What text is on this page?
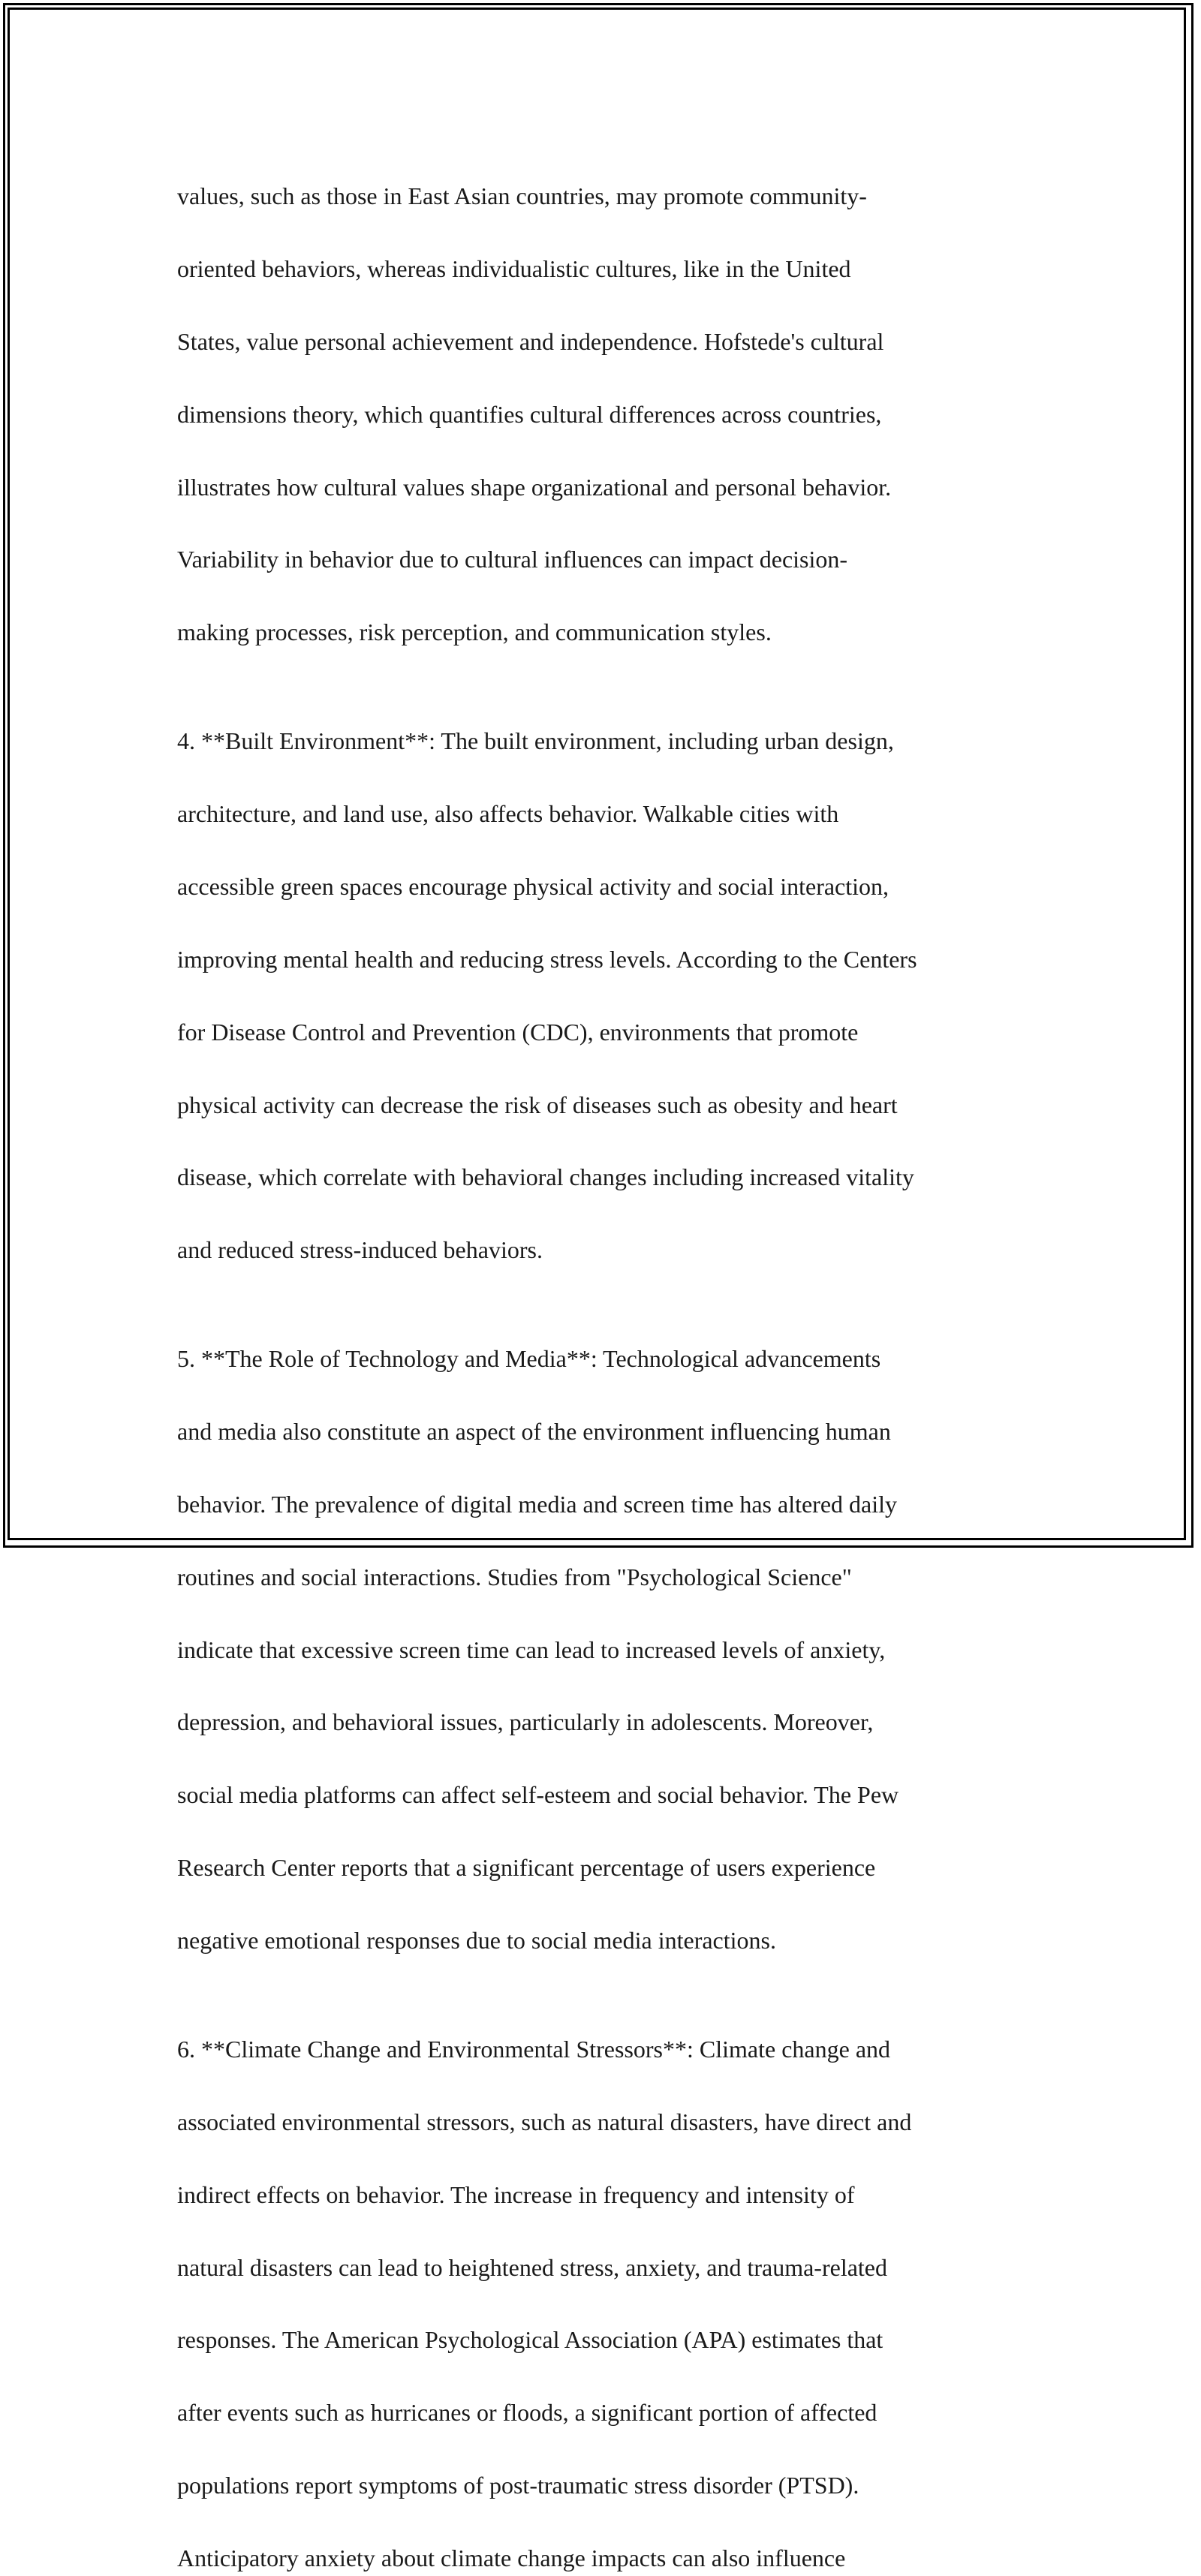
values, such as those in East Asian countries, may promote community-

oriented behaviors, whereas individualistic cultures, like in the United

States, value personal achievement and independence. Hofstede's cultural

dimensions theory, which quantifies cultural differences across countries,

illustrates how cultural values shape organizational and personal behavior.

Variability in behavior due to cultural influences can impact decision-

making processes, risk perception, and communication styles.

4. **Built Environment**: The built environment, including urban design,

architecture, and land use, also affects behavior. Walkable cities with

accessible green spaces encourage physical activity and social interaction,

improving mental health and reducing stress levels. According to the Centers

for Disease Control and Prevention (CDC), environments that promote

physical activity can decrease the risk of diseases such as obesity and heart

disease, which correlate with behavioral changes including increased vitality

and reduced stress-induced behaviors.

5. **The Role of Technology and Media**: Technological advancements

and media also constitute an aspect of the environment influencing human

behavior. The prevalence of digital media and screen time has altered daily

routines and social interactions. Studies from "Psychological Science"

indicate that excessive screen time can lead to increased levels of anxiety,

depression, and behavioral issues, particularly in adolescents. Moreover,

social media platforms can affect self-esteem and social behavior. The Pew

Research Center reports that a significant percentage of users experience

negative emotional responses due to social media interactions.

6. **Climate Change and Environmental Stressors**: Climate change and

associated environmental stressors, such as natural disasters, have direct and

indirect effects on behavior. The increase in frequency and intensity of

natural disasters can lead to heightened stress, anxiety, and trauma-related

responses. The American Psychological Association (APA) estimates that

after events such as hurricanes or floods, a significant portion of affected

populations report symptoms of post-traumatic stress disorder (PTSD).

Anticipatory anxiety about climate change impacts can also influence
